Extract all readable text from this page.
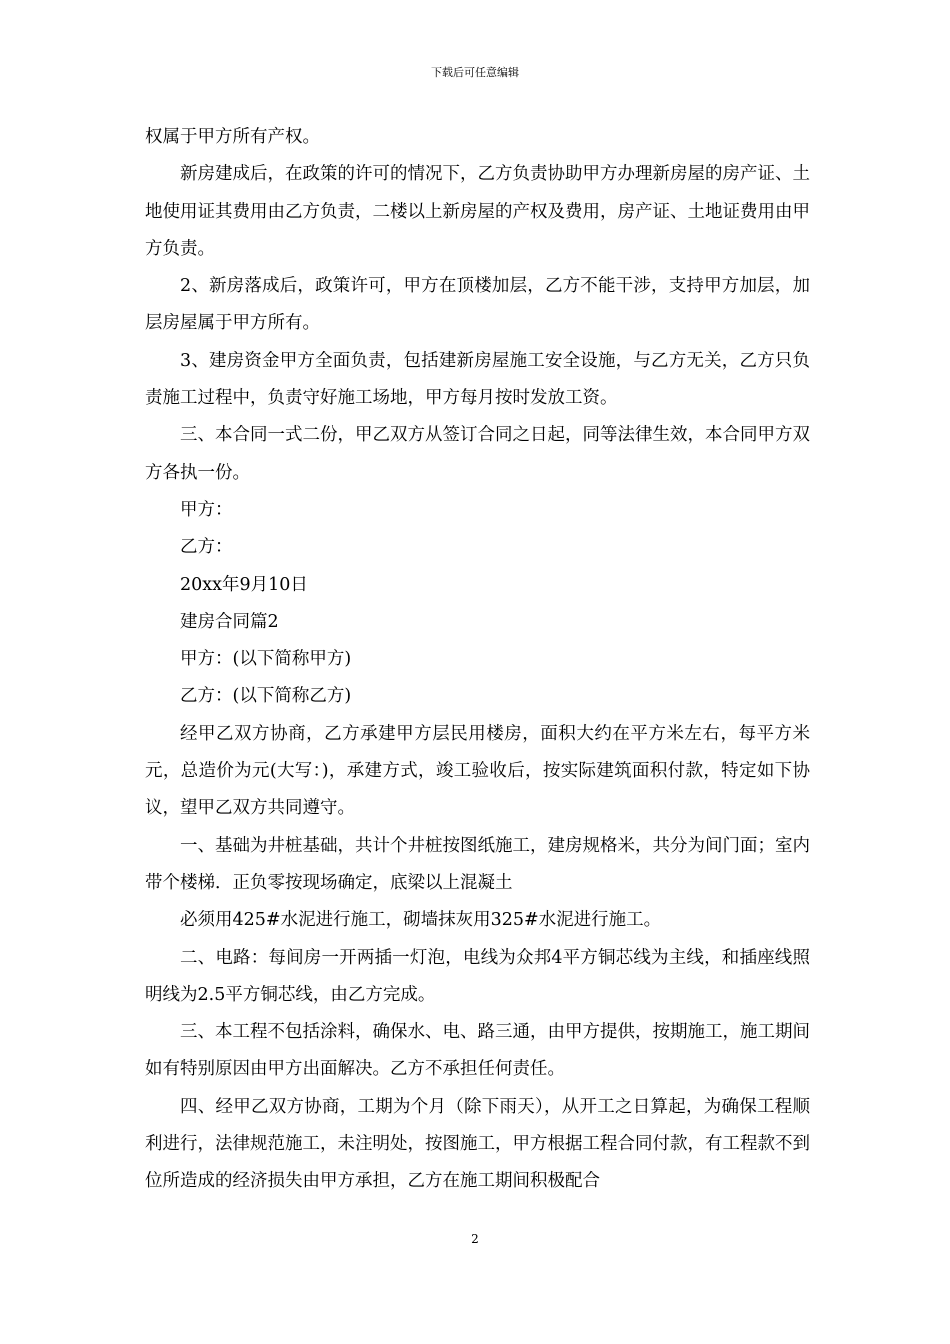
下载后可任意编辑

权属于甲方所有产权。

新房建成后，在政策的许可的情况下，乙方负责协助甲方办理新房屋的房产证、土地使用证其费用由乙方负责，二楼以上新房屋的产权及费用，房产证、土地证费用由甲方负责。

2、新房落成后，政策许可，甲方在顶楼加层，乙方不能干涉，支持甲方加层，加层房屋属于甲方所有。

3、建房资金甲方全面负责，包括建新房屋施工安全设施，与乙方无关，乙方只负责施工过程中，负责守好施工场地，甲方每月按时发放工资。

三、本合同一式二份，甲乙双方从签订合同之日起，同等法律生效，本合同甲方双方各执一份。

甲方：

乙方：

20xx年9月10日

建房合同篇2

甲方：(以下简称甲方)

乙方：(以下简称乙方)

经甲乙双方协商，乙方承建甲方层民用楼房，面积大约在平方米左右，每平方米元，总造价为元(大写：)，承建方式，竣工验收后，按实际建筑面积付款，特定如下协议，望甲乙双方共同遵守。

一、基础为井桩基础，共计个井桩按图纸施工，建房规格米，共分为间门面；室内带个楼梯．正负零按现场确定，底梁以上混凝土

必须用425#水泥进行施工，砌墙抹灰用325#水泥进行施工。

二、电路：每间房一开两插一灯泡，电线为众邦4平方铜芯线为主线，和插座线照明线为2.5平方铜芯线，由乙方完成。

三、本工程不包括涂料，确保水、电、路三通，由甲方提供，按期施工，施工期间如有特别原因由甲方出面解决。乙方不承担任何责任。

四、经甲乙双方协商，工期为个月（除下雨天），从开工之日算起，为确保工程顺利进行，法律规范施工，未注明处，按图施工，甲方根据工程合同付款，有工程款不到位所造成的经济损失由甲方承担，乙方在施工期间积极配合

2
